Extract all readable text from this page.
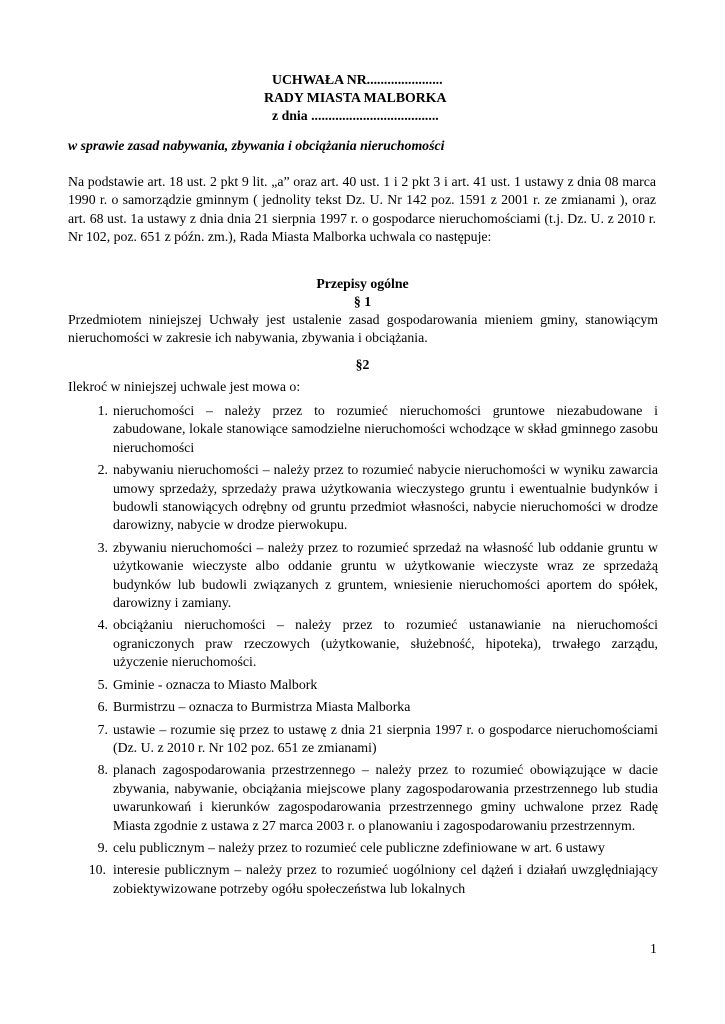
UCHWAŁA NR......................
RADY MIASTA MALBORKA
z dnia .....................................
w sprawie zasad nabywania, zbywania i obciążania nieruchomości
Na podstawie art. 18 ust. 2 pkt 9 lit. „a” oraz art. 40 ust. 1 i 2 pkt 3 i art. 41 ust. 1 ustawy z dnia 08 marca 1990 r. o samorządzie gminnym ( jednolity tekst Dz. U. Nr 142 poz. 1591 z 2001 r. ze zmianami ), oraz art. 68 ust. 1a ustawy z dnia dnia 21 sierpnia 1997 r. o gospodarce nieruchomościami (t.j. Dz. U. z 2010 r. Nr 102, poz. 651 z późn. zm.), Rada Miasta Malborka uchwala co następuje:
Przepisy ogólne
§ 1
Przedmiotem niniejszej Uchwały jest ustalenie zasad gospodarowania mieniem gminy, stanowiącym nieruchomości w zakresie ich nabywania, zbywania i obciążania.
§2
Ilekroć w niniejszej uchwale jest mowa o:
1. nieruchomości – należy przez to rozumieć nieruchomości gruntowe niezabudowane i zabudowane, lokale stanowiące samodzielne nieruchomości wchodzące w skład gminnego zasobu nieruchomości
2. nabywaniu nieruchomości – należy przez to rozumieć nabycie nieruchomości w wyniku zawarcia umowy sprzedaży, sprzedaży prawa użytkowania wieczystego gruntu i ewentualnie budynków i budowli stanowiących odrębny od gruntu przedmiot własności, nabycie nieruchomości w drodze darowizny, nabycie w drodze pierwokupu.
3. zbywaniu nieruchomości – należy przez to rozumieć sprzedaż na własność lub oddanie gruntu w użytkowanie wieczyste albo oddanie gruntu w użytkowanie wieczyste wraz ze sprzedażą budynków lub budowli związanych z gruntem, wniesienie nieruchomości aportem do spółek, darowizny i zamiany.
4. obciążaniu nieruchomości – należy przez to rozumieć ustanawianie na nieruchomości ograniczonych praw rzeczowych (użytkowanie, służebność, hipoteka), trwałego zarządu, użyczenie nieruchomości.
5. Gminie - oznacza to Miasto Malbork
6. Burmistrzu – oznacza to Burmistrza Miasta Malborka
7. ustawie – rozumie się przez to ustawę z dnia 21 sierpnia 1997 r. o gospodarce nieruchomościami (Dz. U. z 2010 r. Nr 102 poz. 651 ze zmianami)
8. planach zagospodarowania przestrzennego – należy przez to rozumieć obowiązujące w dacie zbywania, nabywanie, obciążania miejscowe plany zagospodarowania przestrzennego lub studia uwarunkowań i kierunków zagospodarowania przestrzennego gminy uchwalone przez Radę Miasta zgodnie z ustawa z 27 marca 2003 r. o planowaniu i zagospodarowaniu przestrzennym.
9. celu publicznym – należy przez to rozumieć cele publiczne zdefiniowane w art. 6 ustawy
10. interesie publicznym – należy przez to rozumieć uogólniony cel dążeń i działań uwzględniający zobiektywizowane potrzeby ogółu społeczeństwa lub lokalnych
1
